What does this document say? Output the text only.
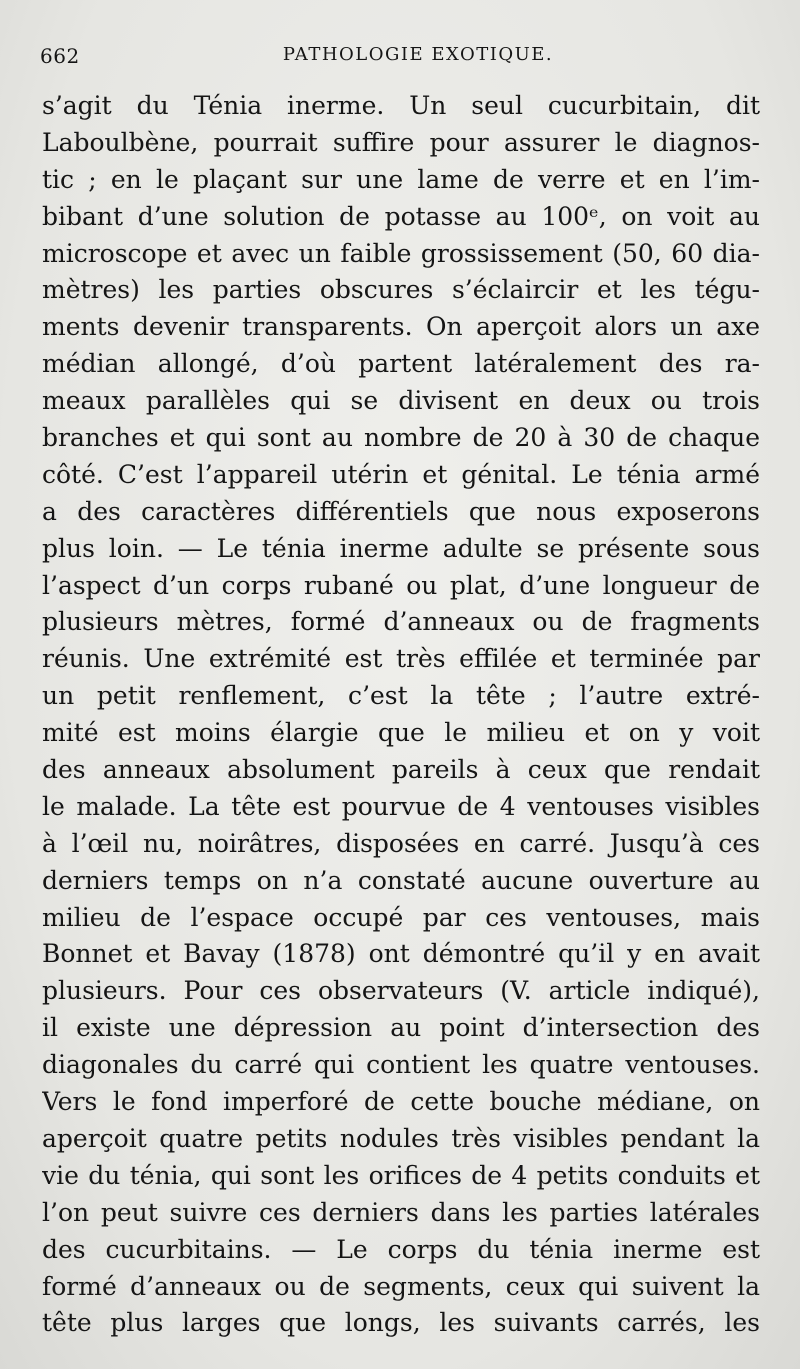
662	PATHOLOGIE EXOTIQUE.
s’agit du Ténia inerme. Un seul cucurbitain, dit
Laboulbène, pourrait suffire pour assurer le diagnos-
tic ; en le plaçant sur une lame de verre et en l’im-
bibant d’une solution de potasse au 100ᵉ, on voit au
microscope et avec un faible grossissement (50, 60 dia-
mètres) les parties obscures s’éclaircir et les tégu-
ments devenir transparents. On aperçoit alors un axe
médian allongé, d’où partent latéralement des ra-
meaux parallèles qui se divisent en deux ou trois
branches et qui sont au nombre de 20 à 30 de chaque
côté. C’est l’appareil utérin et génital. Le ténia armé
a des caractères différentiels que nous exposerons
plus loin. — Le ténia inerme adulte se présente sous
l’aspect d’un corps rubané ou plat, d’une longueur de
plusieurs mètres, formé d’anneaux ou de fragments
réunis. Une extrémité est très effilée et terminée par
un petit renflement, c’est la tête ; l’autre extré-
mité est moins élargie que le milieu et on y voit
des anneaux absolument pareils à ceux que rendait
le malade. La tête est pourvue de 4 ventouses visibles
à l’œil nu, noirâtres, disposées en carré. Jusqu’à ces
derniers temps on n’a constaté aucune ouverture au
milieu de l’espace occupé par ces ventouses, mais
Bonnet et Bavay (1878) ont démontré qu’il y en avait
plusieurs. Pour ces observateurs (V. article indiqué),
il existe une dépression au point d’intersection des
diagonales du carré qui contient les quatre ventouses.
Vers le fond imperforé de cette bouche médiane, on
aperçoit quatre petits nodules très visibles pendant la
vie du ténia, qui sont les orifices de 4 petits conduits et
l’on peut suivre ces derniers dans les parties latérales
des cucurbitains. — Le corps du ténia inerme est
formé d’anneaux ou de segments, ceux qui suivent la
tête plus larges que longs, les suivants carrés, les
